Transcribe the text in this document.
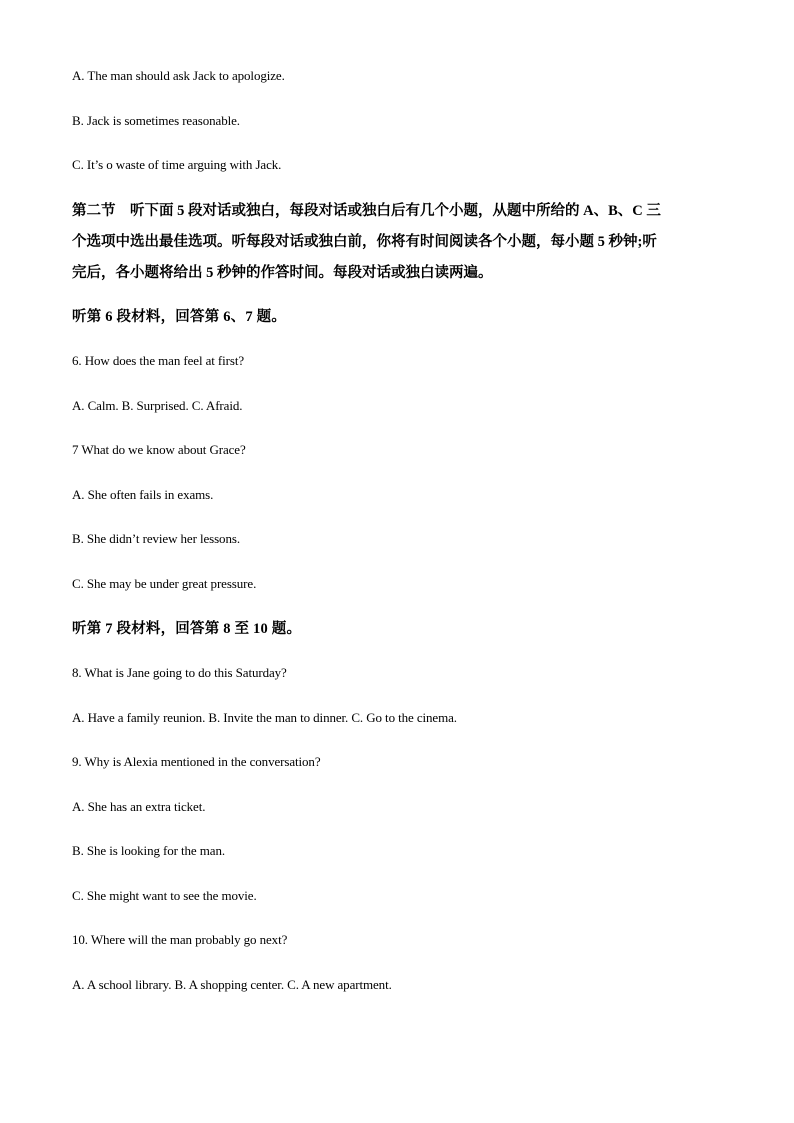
A. The man should ask Jack to apologize.
B. Jack is sometimes reasonable.
C. It’s o waste of time arguing with Jack.
第二节　听下面 5 段对话或独白，每段对话或独白后有几个小题，从题中所给的 A、B、C 三
个选项中选出最佳选项。听每段对话或独白前，你将有时间阅读各个小题，每小题 5 秒钟;听
完后，各小题将给出 5 秒钟的作答时间。每段对话或独白读两遍。
听第 6 段材料，回答第 6、7 题。
6. How does the man feel at first?
A. Calm. B. Surprised. C. Afraid.
7 What do we know about Grace?
A. She often fails in exams.
B. She didn’t review her lessons.
C. She may be under great pressure.
听第 7 段材料，回答第 8 至 10 题。
8. What is Jane going to do this Saturday?
A. Have a family reunion. B. Invite the man to dinner. C. Go to the cinema.
9. Why is Alexia mentioned in the conversation?
A. She has an extra ticket.
B. She is looking for the man.
C. She might want to see the movie.
10. Where will the man probably go next?
A. A school library. B. A shopping center. C. A new apartment.
